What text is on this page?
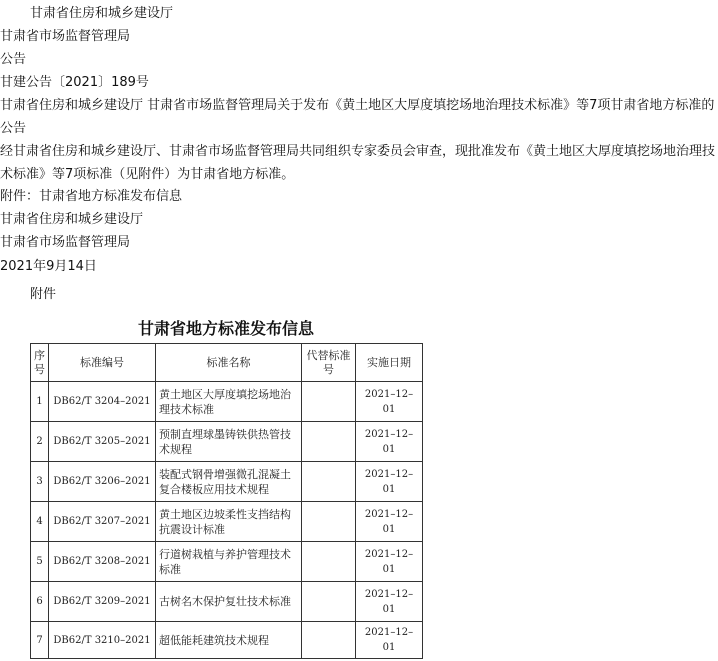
甘肃省住房和城乡建设厅
甘肃省市场监督管理局
公告
甘建公告〔2021〕189号
甘肃省住房和城乡建设厅 甘肃省市场监督管理局关于发布《黄土地区大厚度填挖场地治理技术标准》等7项甘肃省地方标准的公告
经甘肃省住房和城乡建设厅、甘肃省市场监督管理局共同组织专家委员会审查，现批准发布《黄土地区大厚度填挖场地治理技术标准》等7项标准（见附件）为甘肃省地方标准。
附件：甘肃省地方标准发布信息
甘肃省住房和城乡建设厅
甘肃省市场监督管理局
2021年9月14日
附件
甘肃省地方标准发布信息
序号	标准编号	标准名称	代替标准号	实施日期
1	DB62/T 3204–2021	黄土地区大厚度填挖场地治理技术标准		2021–12–01
2	DB62/T 3205–2021	预制直埋球墨铸铁供热管技术规程		2021–12–01
3	DB62/T 3206–2021	装配式钢骨增强微孔混凝土复合楼板应用技术规程		2021–12–01
4	DB62/T 3207–2021	黄土地区边坡柔性支挡结构抗震设计标准		2021–12–01
5	DB62/T 3208–2021	行道树栽植与养护管理技术标准		2021–12–01
6	DB62/T 3209–2021	古树名木保护复壮技术标准		2021–12–01
7	DB62/T 3210–2021	超低能耗建筑技术规程		2021–12–01
